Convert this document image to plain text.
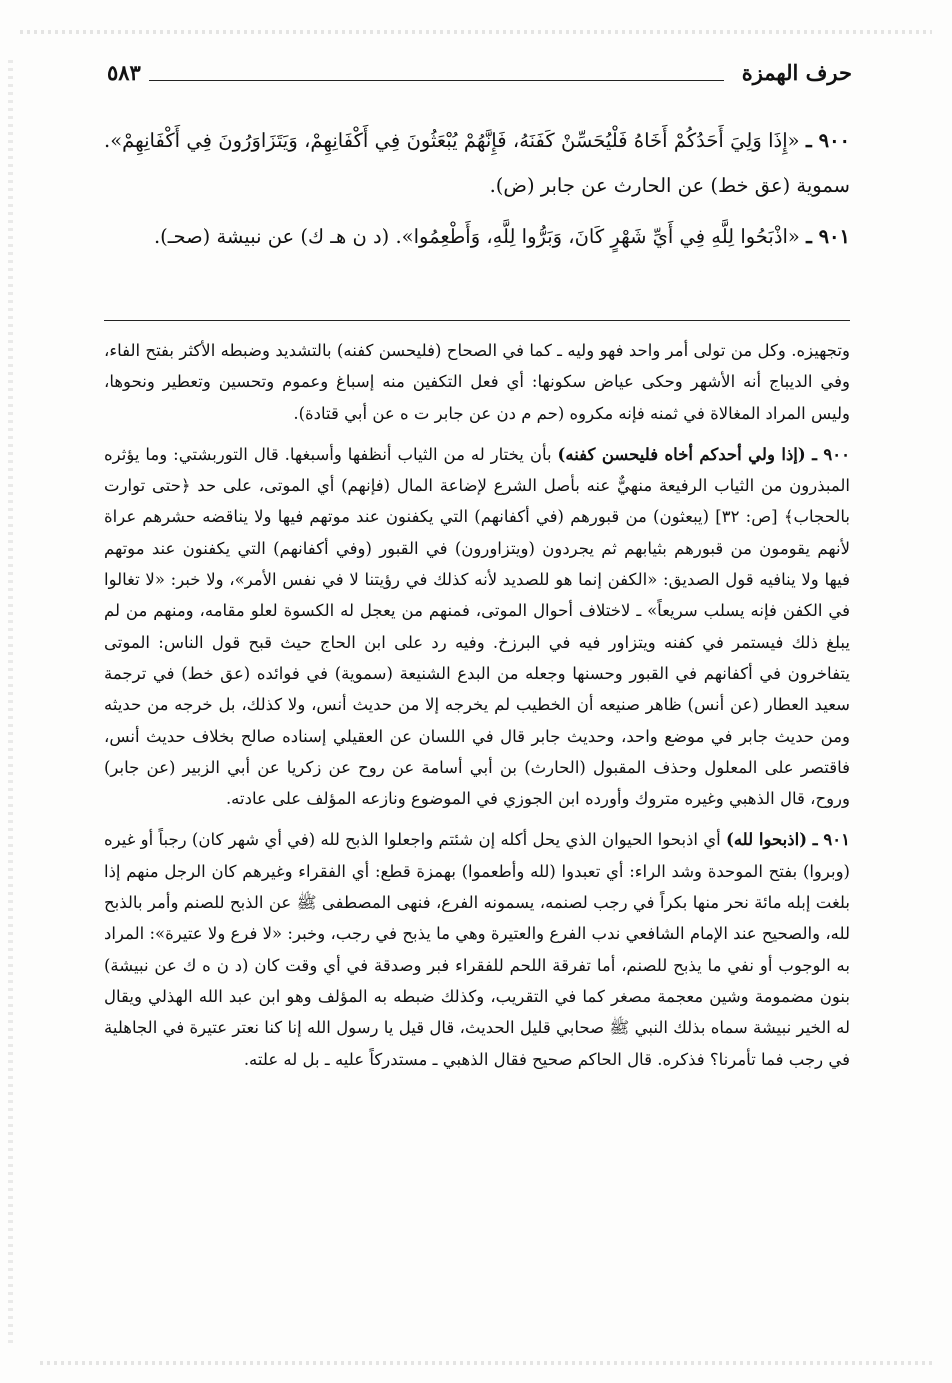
حرف الهمزة
٥٨٣

٩٠٠ ـ «إِذَا وَلِيَ أَحَدُكُمْ أَخَاهُ فَلْيُحَسِّنْ كَفَنَهُ، فَإِنَّهُمْ يُبْعَثُونَ فِي أَكْفَانِهِمْ، وَيَتَزَاوَرُونَ فِي أَكْفَانِهِمْ». سموية (عق خط) عن الحارث عن جابر (ض).

٩٠١ ـ «اذْبَحُوا لِلَّهِ فِي أَيِّ شَهْرٍ كَانَ، وَبَرُّوا لِلَّهِ، وَأَطْعِمُوا». (د ن هـ ك) عن نبيشة (صحـ).

وتجهيزه. وكل من تولى أمر واحد فهو وليه ـ كما في الصحاح (فليحسن كفنه) بالتشديد وضبطه الأكثر بفتح الفاء، وفي الديباج أنه الأشهر وحكى عياض سكونها: أي فعل التكفين منه إسباغ وعموم وتحسين وتعطير ونحوها، وليس المراد المغالاة في ثمنه فإنه مكروه (حم م دن عن جابر ت ه عن أبي قتادة).

٩٠٠ ـ (إذا ولي أحدكم أخاه فليحسن كفنه) بأن يختار له من الثياب أنظفها وأسبغها. قال التوربشتي: وما يؤثره المبذرون من الثياب الرفيعة منهيٌّ عنه بأصل الشرع لإضاعة المال (فإنهم) أي الموتى، على حد ﴿حتى توارت بالحجاب﴾ [ص: ٣٢] (يبعثون) من قبورهم (في أكفانهم) التي يكفنون عند موتهم فيها ولا يناقضه حشرهم عراة لأنهم يقومون من قبورهم بثيابهم ثم يجردون (ويتزاورون) في القبور (وفي أكفانهم) التي يكفنون عند موتهم فيها ولا ينافيه قول الصديق: «الكفن إنما هو للصديد لأنه كذلك في رؤيتنا لا في نفس الأمر»، ولا خبر: «لا تغالوا في الكفن فإنه يسلب سريعاً» ـ لاختلاف أحوال الموتى، فمنهم من يعجل له الكسوة لعلو مقامه، ومنهم من لم يبلغ ذلك فيستمر في كفنه ويتزاور فيه في البرزخ. وفيه رد على ابن الحاج حيث قبح قول الناس: الموتى يتفاخرون في أكفانهم في القبور وحسنها وجعله من البدع الشنيعة (سموية) في فوائده (عق خط) في ترجمة سعيد العطار (عن أنس) ظاهر صنيعه أن الخطيب لم يخرجه إلا من حديث أنس، ولا كذلك، بل خرجه من حديثه ومن حديث جابر في موضع واحد، وحديث جابر قال في اللسان عن العقيلي إسناده صالح بخلاف حديث أنس، فاقتصر على المعلول وحذف المقبول (الحارث) بن أبي أسامة عن روح عن زكريا عن أبي الزبير (عن جابر) وروح، قال الذهبي وغيره متروك وأورده ابن الجوزي في الموضوع ونازعه المؤلف على عادته.

٩٠١ ـ (اذبحوا لله) أي اذبحوا الحيوان الذي يحل أكله إن شئتم واجعلوا الذبح لله (في أي شهر كان) رجباً أو غيره (وبروا) بفتح الموحدة وشد الراء: أي تعبدوا (لله وأطعموا) بهمزة قطع: أي الفقراء وغيرهم كان الرجل منهم إذا بلغت إبله مائة نحر منها بكراً في رجب لصنمه، يسمونه الفرع، فنهى المصطفى ﷺ عن الذبح للصنم وأمر بالذبح لله، والصحيح عند الإمام الشافعي ندب الفرع والعتيرة وهي ما يذبح في رجب، وخبر: «لا فرع ولا عتيرة»: المراد به الوجوب أو نفي ما يذبح للصنم، أما تفرقة اللحم للفقراء فبر وصدقة في أي وقت كان (د ن ه ك عن نبيشة) بنون مضمومة وشين معجمة مصغر كما في التقريب، وكذلك ضبطه به المؤلف وهو ابن عبد الله الهذلي ويقال له الخير نبيشة سماه بذلك النبي ﷺ صحابي قليل الحديث، قال قيل يا رسول الله إنا كنا نعتر عتيرة في الجاهلية في رجب فما تأمرنا؟ فذكره. قال الحاكم صحيح فقال الذهبي ـ مستدركاً عليه ـ بل له علته.
